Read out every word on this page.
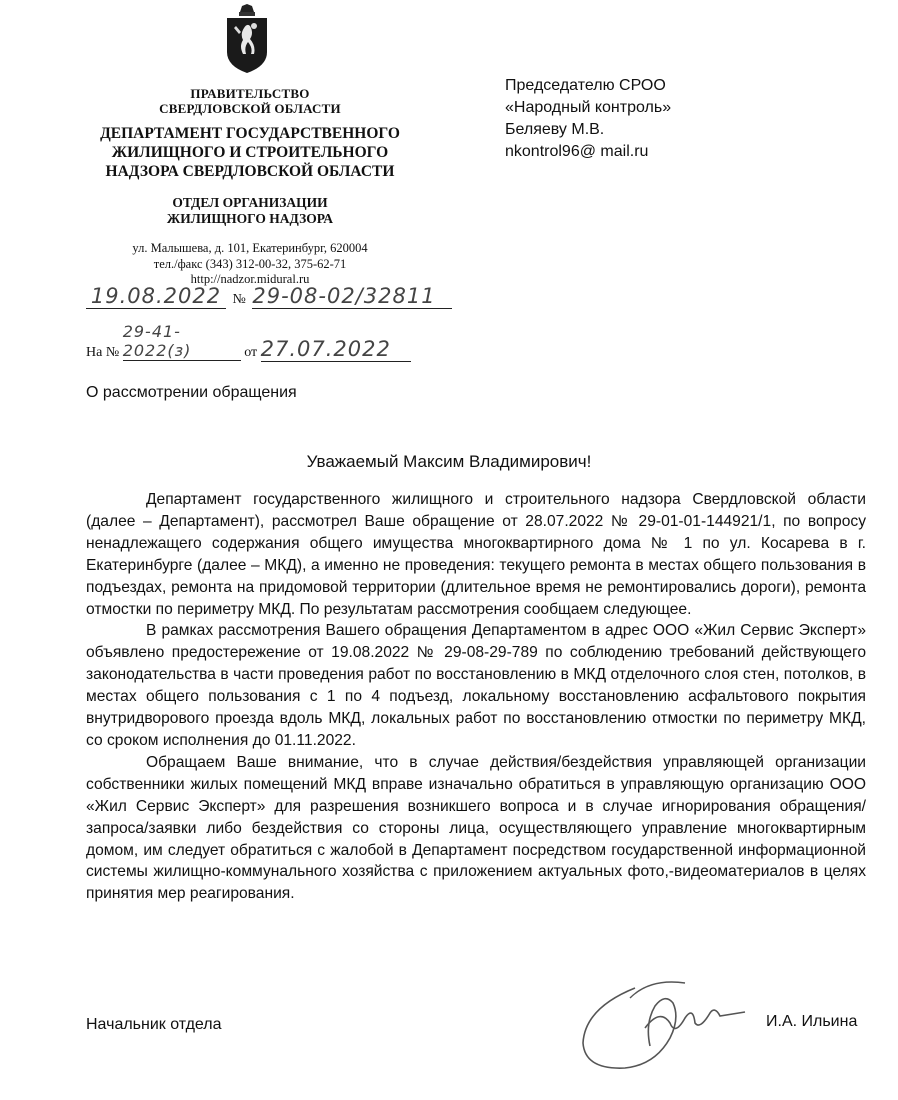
ПРАВИТЕЛЬСТВО
СВЕРДЛОВСКОЙ ОБЛАСТИ
ДЕПАРТАМЕНТ ГОСУДАРСТВЕННОГО
ЖИЛИЩНОГО И СТРОИТЕЛЬНОГО
НАДЗОРА СВЕРДЛОВСКОЙ ОБЛАСТИ
ОТДЕЛ ОРГАНИЗАЦИИ
ЖИЛИЩНОГО НАДЗОРА
ул. Малышева, д. 101, Екатеринбург, 620004
тел./факс (343) 312-00-32, 375-62-71
http://nadzor.midural.ru
19.08.2022 № 29-08-02/32811
На № 29-41-2022(з)	от 27.07.2022
Председателю СРОО
«Народный контроль»
Беляеву М.В.
nkontrol96@ mail.ru
О рассмотрении обращения
Уважаемый Максим Владимирович!

Департамент государственного жилищного и строительного надзора Свердловской области (далее – Департамент), рассмотрел Ваше обращение от 28.07.2022 № 29-01-01-144921/1, по вопросу ненадлежащего содержания общего имущества многоквартирного дома № 1 по ул. Косарева в г. Екатеринбурге (далее – МКД), а именно не проведения: текущего ремонта в местах общего пользования в подъездах, ремонта на придомовой территории (длительное время не ремонтировались дороги), ремонта отмостки по периметру МКД. По результатам рассмотрения сообщаем следующее.

В рамках рассмотрения Вашего обращения Департаментом в адрес ООО «Жил Сервис Эксперт» объявлено предостережение от 19.08.2022 № 29-08-29-789 по соблюдению требований действующего законодательства в части проведения работ по восстановлению в МКД отделочного слоя стен, потолков, в местах общего пользования с 1 по 4 подъезд, локальному восстановлению асфальтового покрытия внутридворового проезда вдоль МКД, локальных работ по восстановлению отмостки по периметру МКД, со сроком исполнения до 01.11.2022.

Обращаем Ваше внимание, что в случае действия/бездействия управляющей организации собственники жилых помещений МКД вправе изначально обратиться в управляющую организацию ООО «Жил Сервис Эксперт» для разрешения возникшего вопроса и в случае игнорирования обращения/запроса/заявки либо бездействия со стороны лица, осуществляющего управление многоквартирным домом, им следует обратиться с жалобой в Департамент посредством государственной информационной системы жилищно-коммунального хозяйства с приложением актуальных фото,-видеоматериалов в целях принятия мер реагирования.

Начальник отдела	И.А. Ильина
